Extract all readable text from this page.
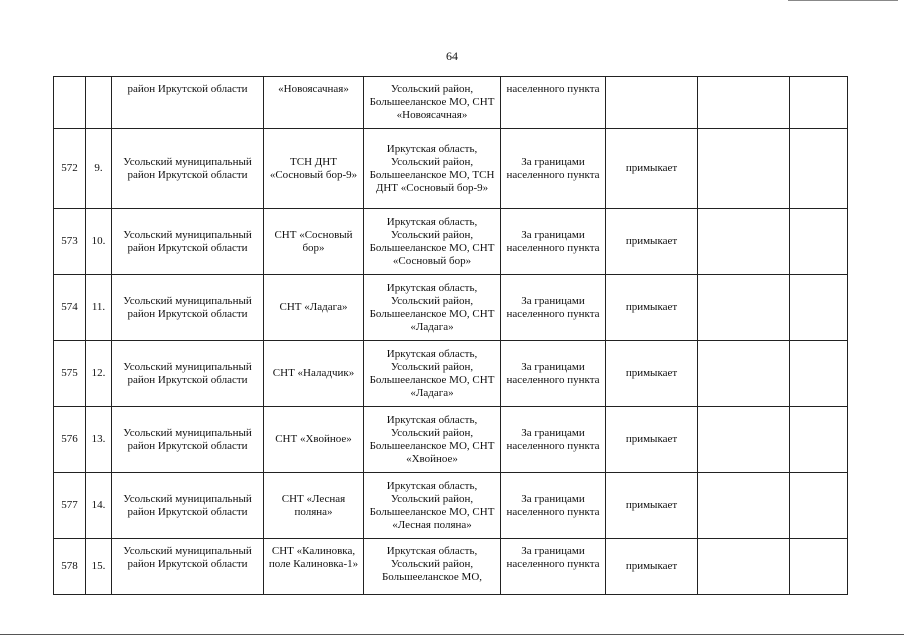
64
		район Иркутской области	«Новоясачная»	Усольский район, Большееланское МО, СНТ «Новоясачная»	населенного пункта			
572	9.	Усольский муниципальный район Иркутской области	ТСН ДНТ «Сосновый бор-9»	Иркутская область, Усольский район, Большееланское МО, ТСН ДНТ «Сосновый бор-9»	За границами населенного пункта	примыкает		
573	10.	Усольский муниципальный район Иркутской области	СНТ «Сосновый бор»	Иркутская область, Усольский район, Большееланское МО, СНТ «Сосновый бор»	За границами населенного пункта	примыкает		
574	11.	Усольский муниципальный район Иркутской области	СНТ «Ладага»	Иркутская область, Усольский район, Большееланское МО, СНТ «Ладага»	За границами населенного пункта	примыкает		
575	12.	Усольский муниципальный район Иркутской области	СНТ «Наладчик»	Иркутская область, Усольский район, Большееланское МО, СНТ «Ладага»	За границами населенного пункта	примыкает		
576	13.	Усольский муниципальный район Иркутской области	СНТ «Хвойное»	Иркутская область, Усольский район, Большееланское МО, СНТ «Хвойное»	За границами населенного пункта	примыкает		
577	14.	Усольский муниципальный район Иркутской области	СНТ «Лесная поляна»	Иркутская область, Усольский район, Большееланское МО, СНТ «Лесная поляна»	За границами населенного пункта	примыкает		
578	15.	Усольский муниципальный район Иркутской области	СНТ «Калиновка, поле Калиновка-1»	Иркутская область, Усольский район, Большееланское МО,	За границами населенного пункта	примыкает		
